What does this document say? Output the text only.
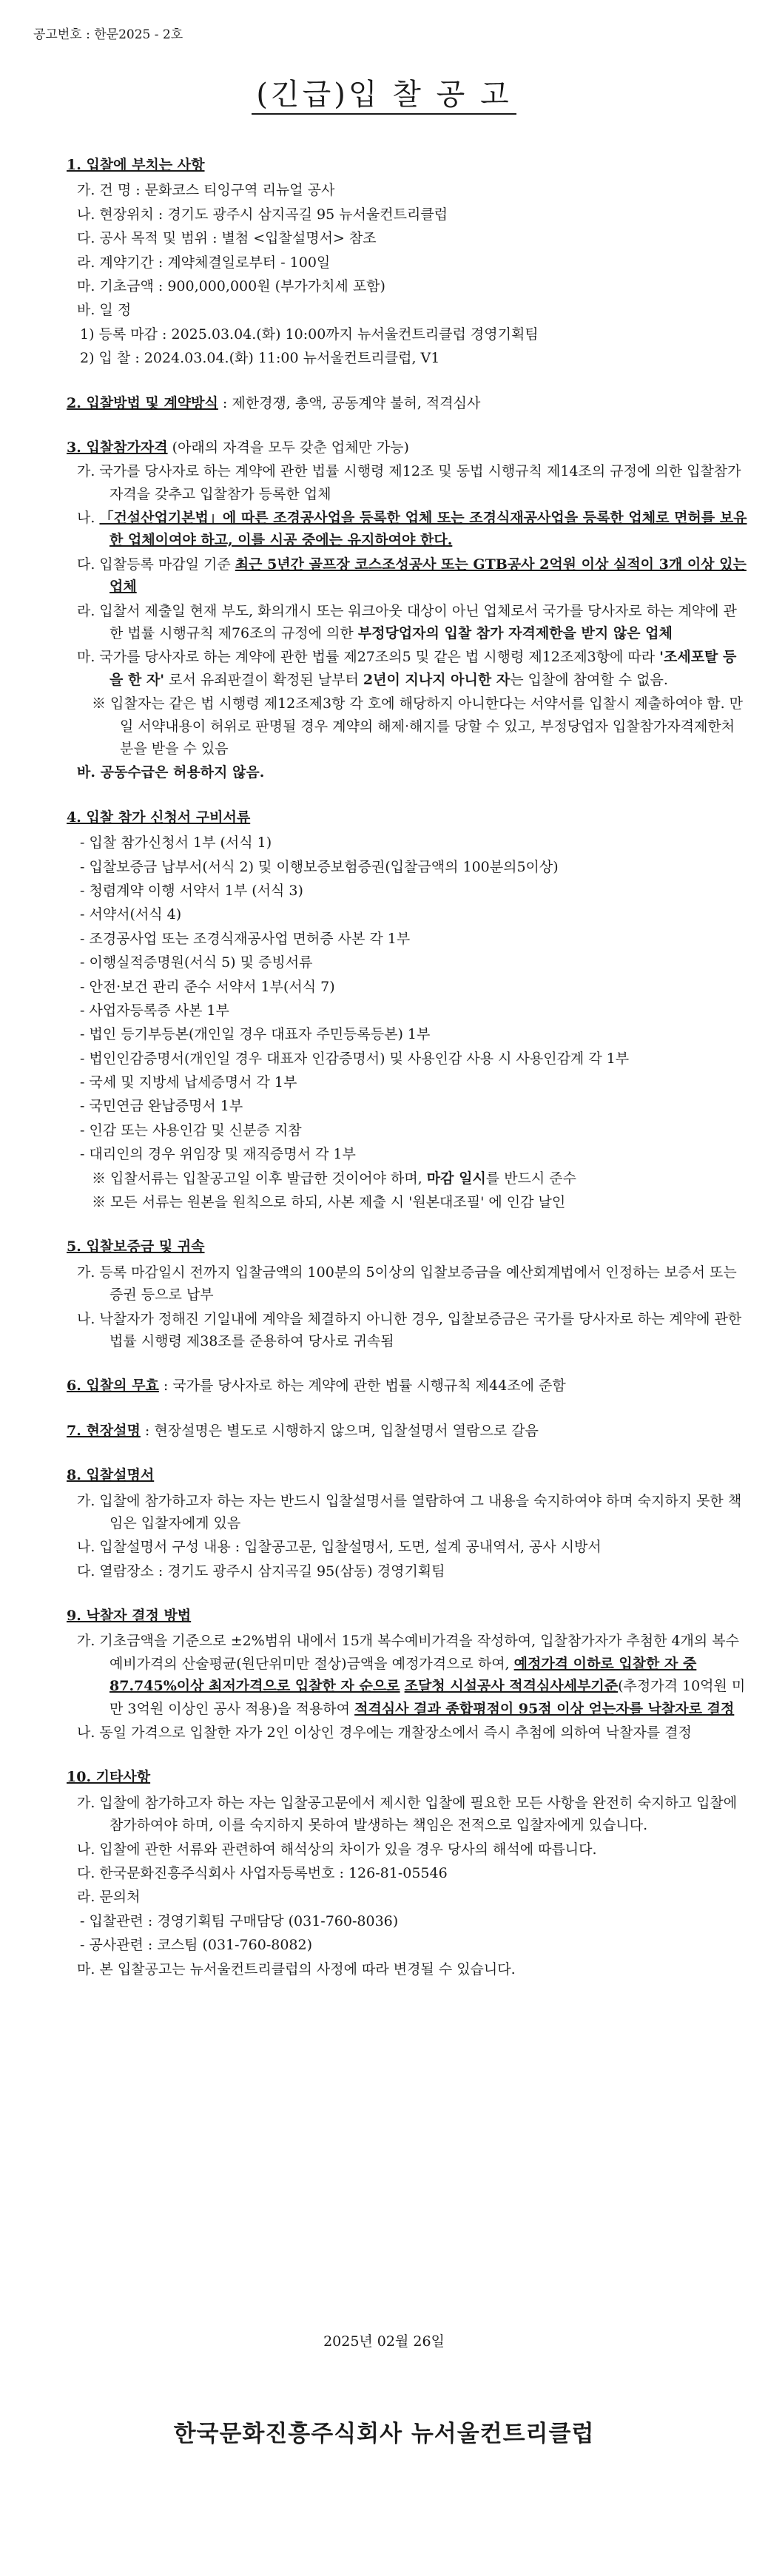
공고번호 : 한문2025 - 2호
(긴급)입 찰 공 고
1. 입찰에 부치는 사항
가. 건 명 : 문화코스 티잉구역 리뉴얼 공사
나. 현장위치 : 경기도 광주시 삼지곡길 95 뉴서울컨트리클럽
다. 공사 목적 및 범위 : 별첨 <입찰설명서> 참조
라. 계약기간 : 계약체결일로부터 - 100일
마. 기초금액 : 900,000,000원 (부가가치세 포함)
바. 일 정
1) 등록 마감 : 2025.03.04.(화) 10:00까지 뉴서울컨트리클럽 경영기획팀
2) 입 찰 : 2024.03.04.(화) 11:00 뉴서울컨트리클럽, V1
2. 입찰방법 및 계약방식 : 제한경쟁, 총액, 공동계약 불허, 적격심사
3. 입찰참가자격 (아래의 자격을 모두 갖춘 업체만 가능)
가. 국가를 당사자로 하는 계약에 관한 법률 시행령 제12조 및 동법 시행규칙 제14조의 규정에 의한 입찰참가자격을 갖추고 입찰참가 등록한 업체
나. 「건설산업기본법」에 따른 조경공사업을 등록한 업체 또는 조경식재공사업을 등록한 업체로 면허를 보유한 업체이여야 하고, 이를 시공 중에는 유지하여야 한다.
다. 입찰등록 마감일 기준 최근 5년간 골프장 코스조성공사 또는 GTB공사 2억원 이상 실적이 3개 이상 있는 업체
라. 입찰서 제출일 현재 부도, 화의개시 또는 워크아웃 대상이 아닌 업체로서 국가를 당사자로 하는 계약에 관한 법률 시행규칙 제76조의 규정에 의한 부정당업자의 입찰 참가 자격제한을 받지 않은 업체
마. 국가를 당사자로 하는 계약에 관한 법률 제27조의5 및 같은 법 시행령 제12조제3항에 따라 '조세포탈 등을 한 자' 로서 유죄판결이 확정된 날부터 2년이 지나지 아니한 자는 입찰에 참여할 수 없음.
※ 입찰자는 같은 법 시행령 제12조제3항 각 호에 해당하지 아니한다는 서약서를 입찰시 제출하여야 함. 만일 서약내용이 허위로 판명될 경우 계약의 해제·해지를 당할 수 있고, 부정당업자 입찰참가자격제한처분을 받을 수 있음
바. 공동수급은 허용하지 않음.
4. 입찰 참가 신청서 구비서류
- 입찰 참가신청서 1부 (서식 1)
- 입찰보증금 납부서(서식 2) 및 이행보증보험증권(입찰금액의 100분의5이상)
- 청렴계약 이행 서약서 1부 (서식 3)
- 서약서(서식 4)
- 조경공사업 또는 조경식재공사업 면허증 사본 각 1부
- 이행실적증명원(서식 5) 및 증빙서류
- 안전·보건 관리 준수 서약서 1부(서식 7)
- 사업자등록증 사본 1부
- 법인 등기부등본(개인일 경우 대표자 주민등록등본) 1부
- 법인인감증명서(개인일 경우 대표자 인감증명서) 및 사용인감 사용 시 사용인감계 각 1부
- 국세 및 지방세 납세증명서 각 1부
- 국민연금 완납증명서 1부
- 인감 또는 사용인감 및 신분증 지참
- 대리인의 경우 위임장 및 재직증명서 각 1부
※ 입찰서류는 입찰공고일 이후 발급한 것이어야 하며, 마감 일시를 반드시 준수
※ 모든 서류는 원본을 원칙으로 하되, 사본 제출 시 '원본대조필' 에 인감 날인
5. 입찰보증금 및 귀속
가. 등록 마감일시 전까지 입찰금액의 100분의 5이상의 입찰보증금을 예산회계법에서 인정하는 보증서 또는 증권 등으로 납부
나. 낙찰자가 정해진 기일내에 계약을 체결하지 아니한 경우, 입찰보증금은 국가를 당사자로 하는 계약에 관한 법률 시행령 제38조를 준용하여 당사로 귀속됨
6. 입찰의 무효 : 국가를 당사자로 하는 계약에 관한 법률 시행규칙 제44조에 준함
7. 현장설명 : 현장설명은 별도로 시행하지 않으며, 입찰설명서 열람으로 갈음
8. 입찰설명서
가. 입찰에 참가하고자 하는 자는 반드시 입찰설명서를 열람하여 그 내용을 숙지하여야 하며 숙지하지 못한 책임은 입찰자에게 있음
나. 입찰설명서 구성 내용 : 입찰공고문, 입찰설명서, 도면, 설계 공내역서, 공사 시방서
다. 열람장소 : 경기도 광주시 삼지곡길 95(삼동) 경영기획팀
9. 낙찰자 결정 방법
가. 기초금액을 기준으로 ±2%범위 내에서 15개 복수예비가격을 작성하여, 입찰참가자가 추첨한 4개의 복수예비가격의 산술평균(원단위미만 절상)금액을 예정가격으로 하여, 예정가격 이하로 입찰한 자 중 87.745%이상 최저가격으로 입찰한 자 순으로 조달청 시설공사 적격심사세부기준(추정가격 10억원 미만 3억원 이상인 공사 적용)을 적용하여 적격심사 결과 종합평점이 95점 이상 얻는자를 낙찰자로 결정
나. 동일 가격으로 입찰한 자가 2인 이상인 경우에는 개찰장소에서 즉시 추첨에 의하여 낙찰자를 결정
10. 기타사항
가. 입찰에 참가하고자 하는 자는 입찰공고문에서 제시한 입찰에 필요한 모든 사항을 완전히 숙지하고 입찰에 참가하여야 하며, 이를 숙지하지 못하여 발생하는 책임은 전적으로 입찰자에게 있습니다.
나. 입찰에 관한 서류와 관련하여 해석상의 차이가 있을 경우 당사의 해석에 따릅니다.
다. 한국문화진흥주식회사 사업자등록번호 : 126-81-05546
라. 문의처
- 입찰관련 : 경영기획팀 구매담당 (031-760-8036)
- 공사관련 : 코스팀 (031-760-8082)
마. 본 입찰공고는 뉴서울컨트리클럽의 사정에 따라 변경될 수 있습니다.
2025년 02월 26일
한국문화진흥주식회사 뉴서울컨트리클럽
